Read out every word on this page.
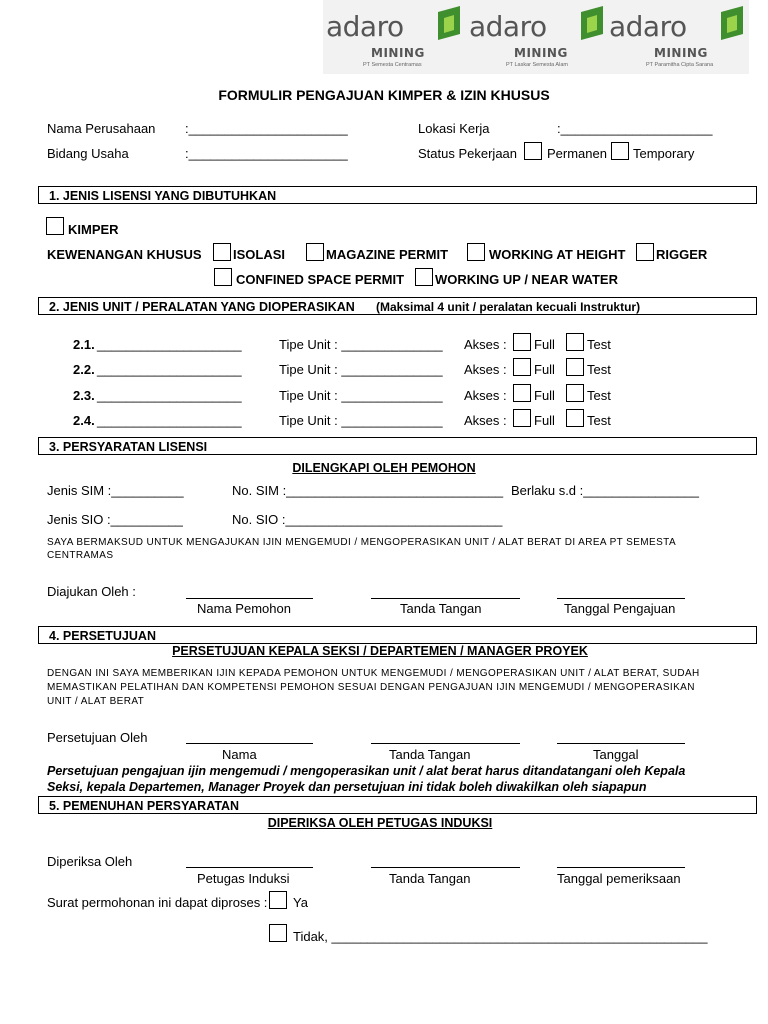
adaro
MINING
PT Semesta Centramas
adaro
MINING
PT Laskar Semesta Alam
adaro
MINING
PT Paramitha Cipta Sarana
FORMULIR PENGAJUAN KIMPER & IZIN KHUSUS
Nama Perusahaan :______________________	Lokasi Kerja	:_____________________
Bidang Usaha	:______________________	Status Pekerjaan Permanen Temporary
1. JENIS LISENSI YANG DIBUTUHKAN
KIMPER
KEWENANGAN KHUSUS ISOLASI	MAGAZINE PERMIT	WORKING AT HEIGHT RIGGER
CONFINED SPACE PERMIT WORKING UP / NEAR WATER
2. JENIS UNIT / PERALATAN YANG DIOPERASIKAN (Maksimal 4 unit / peralatan kecuali Instruktur)
2.1. ____________________	Tipe Unit : ______________ Akses : Full Test
2.2. ____________________	Tipe Unit : ______________ Akses : Full Test
2.3. ____________________	Tipe Unit : ______________ Akses : Full Test
2.4. ____________________	Tipe Unit : ______________ Akses : Full Test
3. PERSYARATAN LISENSI
DILENGKAPI OLEH PEMOHON
Jenis SIM :__________	No. SIM :______________________________ Berlaku s.d :________________
Jenis SIO :__________	No. SIO :______________________________
SAYA BERMAKSUD UNTUK MENGAJUKAN IJIN MENGEMUDI / MENGOPERASIKAN UNIT / ALAT BERAT DI AREA PT SEMESTA
CENTRAMAS
Diajukan Oleh :
Nama Pemohon	Tanda Tangan	Tanggal Pengajuan
4. PERSETUJUAN
PERSETUJUAN KEPALA SEKSI / DEPARTEMEN / MANAGER PROYEK
DENGAN INI SAYA MEMBERIKAN IJIN KEPADA PEMOHON UNTUK MENGEMUDI / MENGOPERASIKAN UNIT / ALAT BERAT, SUDAH
MEMASTIKAN PELATIHAN DAN KOMPETENSI PEMOHON SESUAI DENGAN PENGAJUAN IJIN MENGEMUDI / MENGOPERASIKAN
UNIT / ALAT BERAT
Persetujuan Oleh
Nama	Tanda Tangan	Tanggal
Persetujuan pengajuan ijin mengemudi / mengoperasikan unit / alat berat harus ditandatangani oleh Kepala
Seksi, kepala Departemen, Manager Proyek dan persetujuan ini tidak boleh diwakilkan oleh siapapun
5. PEMENUHAN PERSYARATAN
DIPERIKSA OLEH PETUGAS INDUKSI
Diperiksa Oleh
Petugas Induksi	Tanda Tangan	Tanggal pemeriksaan
Surat permohonan ini dapat diproses : Ya
Tidak, ____________________________________________________
